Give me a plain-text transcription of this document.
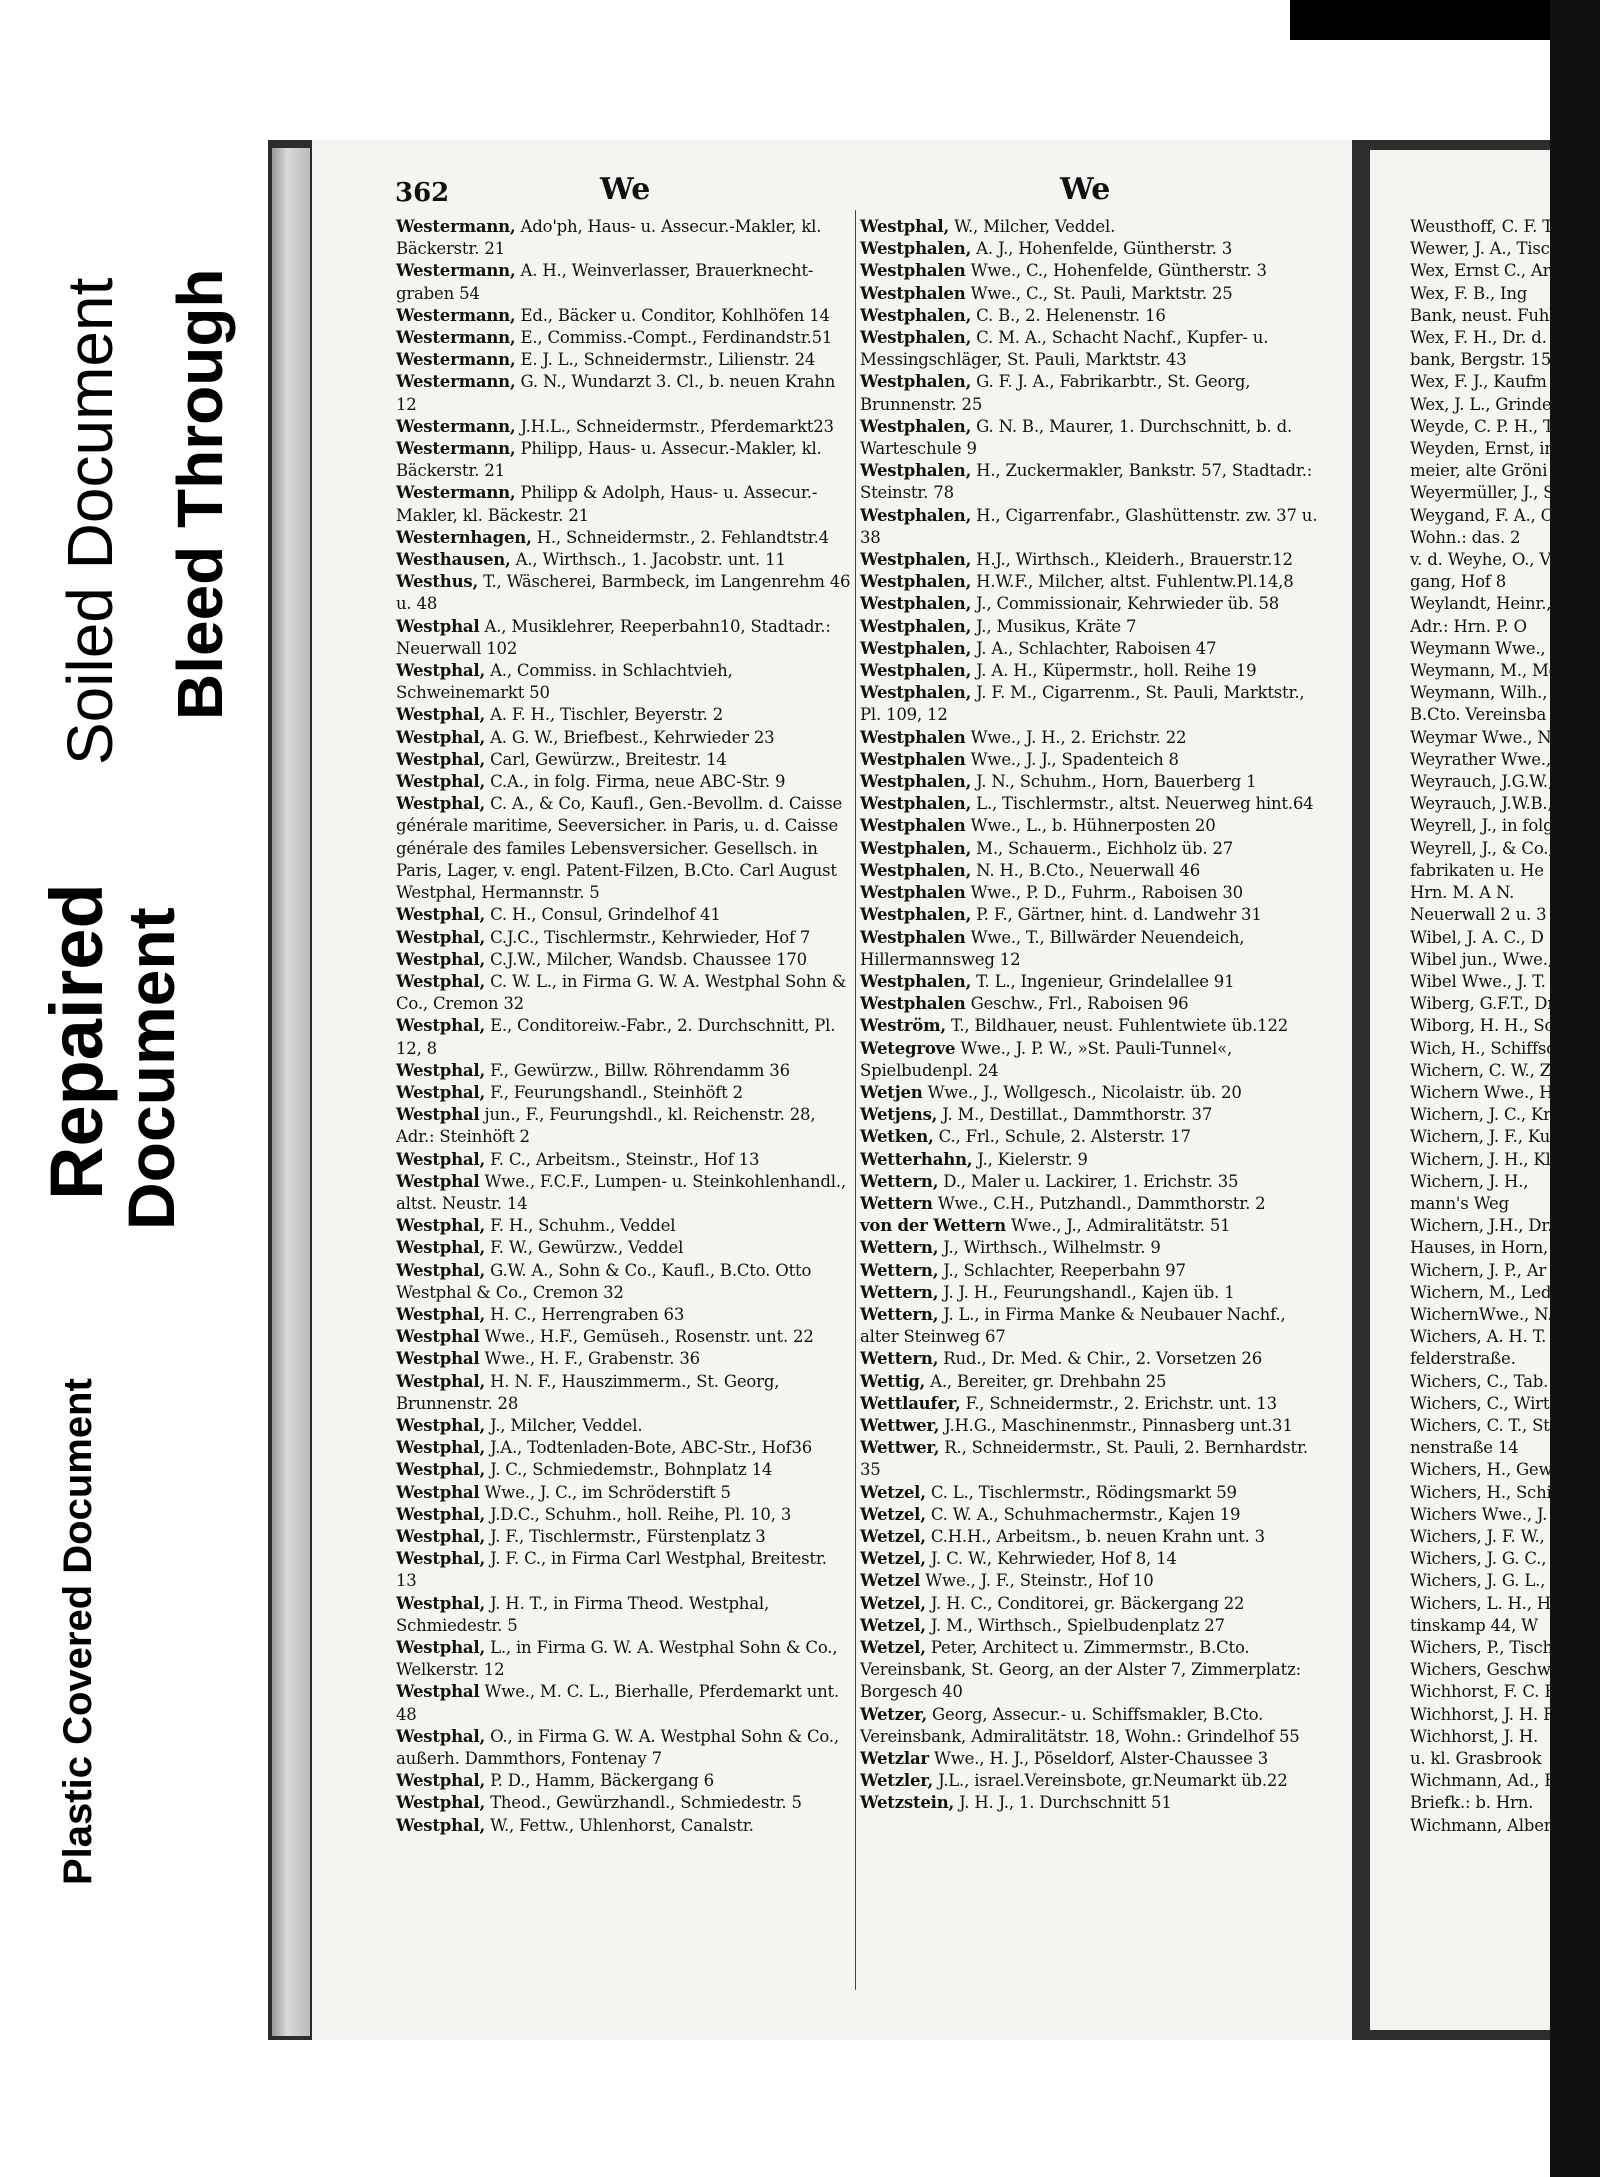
Soiled Document Bleed Through
Repaired
Document
Plastic Covered Document
362	We	We	W
Westermann, Ado'ph, Haus- u. Assecur.-Makler, kl. Bäckerstr. 21
Westermann, A. H., Weinverlasser, Brauerknecht-graben 54
Westermann, Ed., Bäcker u. Conditor, Kohlhöfen 14
Westermann, E., Commiss.-Compt., Ferdinandstr.51
Westermann, E. J. L., Schneidermstr., Lilienstr. 24
Westermann, G. N., Wundarzt 3. Cl., b. neuen Krahn 12
Westermann, J.H.L., Schneidermstr., Pferdemarkt23
Westermann, Philipp, Haus- u. Assecur.-Makler, kl. Bäckerstr. 21
Westermann, Philipp & Adolph, Haus- u. Assecur.-Makler, kl. Bäckestr. 21
Westernhagen, H., Schneidermstr., 2. Fehlandtstr.4
Westhausen, A., Wirthsch., 1. Jacobstr. unt. 11
Westhus, T., Wäscherei, Barmbeck, im Langenrehm 46 u. 48
Westphal A., Musiklehrer, Reeperbahn10, Stadtadr.: Neuerwall 102
Westphal, A., Commiss. in Schlachtvieh, Schweinemarkt 50
Westphal, A. F. H., Tischler, Beyerstr. 2
Westphal, A. G. W., Briefbest., Kehrwieder 23
Westphal, Carl, Gewürzw., Breitestr. 14
Westphal, C.A., in folg. Firma, neue ABC-Str. 9
Westphal, C. A., & Co, Kaufl., Gen.-Bevollm. d. Caisse générale maritime, Seeversicher. in Paris, u. d. Caisse générale des familes Lebensversicher. Gesellsch. in Paris, Lager, v. engl. Patent-Filzen, B.Cto. Carl August Westphal, Hermannstr. 5
Westphal, C. H., Consul, Grindelhof 41
Westphal, C.J.C., Tischlermstr., Kehrwieder, Hof 7
Westphal, C.J.W., Milcher, Wandsb. Chaussee 170
Westphal, C. W. L., in Firma G. W. A. Westphal Sohn & Co., Cremon 32
Westphal, E., Conditoreiw.-Fabr., 2. Durchschnitt, Pl. 12, 8
Westphal, F., Gewürzw., Billw. Röhrendamm 36
Westphal, F., Feurungshandl., Steinhöft 2
Westphal jun., F., Feurungshdl., kl. Reichenstr. 28, Adr.: Steinhöft 2
Westphal, F. C., Arbeitsm., Steinstr., Hof 13
Westphal Wwe., F.C.F., Lumpen- u. Steinkohlenhandl., altst. Neustr. 14
Westphal, F. H., Schuhm., Veddel
Westphal, F. W., Gewürzw., Veddel
Westphal, G.W. A., Sohn & Co., Kaufl., B.Cto. Otto Westphal & Co., Cremon 32
Westphal, H. C., Herrengraben 63
Westphal Wwe., H.F., Gemüseh., Rosenstr. unt. 22
Westphal Wwe., H. F., Grabenstr. 36
Westphal, H. N. F., Hauszimmerm., St. Georg, Brunnenstr. 28
Westphal, J., Milcher, Veddel.
Westphal, J.A., Todtenladen-Bote, ABC-Str., Hof36
Westphal, J. C., Schmiedemstr., Bohnplatz 14
Westphal Wwe., J. C., im Schröderstift 5
Westphal, J.D.C., Schuhm., holl. Reihe, Pl. 10, 3
Westphal, J. F., Tischlermstr., Fürstenplatz 3
Westphal, J. F. C., in Firma Carl Westphal, Breitestr. 13
Westphal, J. H. T., in Firma Theod. Westphal, Schmiedestr. 5
Westphal, L., in Firma G. W. A. Westphal Sohn & Co., Welkerstr. 12
Westphal Wwe., M. C. L., Bierhalle, Pferdemarkt unt. 48
Westphal, O., in Firma G. W. A. Westphal Sohn & Co., außerh. Dammthors, Fontenay 7
Westphal, P. D., Hamm, Bäckergang 6
Westphal, Theod., Gewürzhandl., Schmiedestr. 5
Westphal, W., Fettw., Uhlenhorst, Canalstr.
Westphal, W., Milcher, Veddel.
Westphalen, A. J., Hohenfelde, Güntherstr. 3
Westphalen Wwe., C., Hohenfelde, Güntherstr. 3
Westphalen Wwe., C., St. Pauli, Marktstr. 25
Westphalen, C. B., 2. Helenenstr. 16
Westphalen, C. M. A., Schacht Nachf., Kupfer- u. Messingschläger, St. Pauli, Marktstr. 43
Westphalen, G. F. J. A., Fabrikarbtr., St. Georg, Brunnenstr. 25
Westphalen, G. N. B., Maurer, 1. Durchschnitt, b. d. Warteschule 9
Westphalen, H., Zuckermakler, Bankstr. 57, Stadtadr.: Steinstr. 78
Westphalen, H., Cigarrenfabr., Glashüttenstr. zw. 37 u. 38
Westphalen, H.J., Wirthsch., Kleiderh., Brauerstr.12
Westphalen, H.W.F., Milcher, altst. Fuhlentw.Pl.14,8
Westphalen, J., Commissionair, Kehrwieder üb. 58
Westphalen, J., Musikus, Kräte 7
Westphalen, J. A., Schlachter, Raboisen 47
Westphalen, J. A. H., Küpermstr., holl. Reihe 19
Westphalen, J. F. M., Cigarrenm., St. Pauli, Marktstr., Pl. 109, 12
Westphalen Wwe., J. H., 2. Erichstr. 22
Westphalen Wwe., J. J., Spadenteich 8
Westphalen, J. N., Schuhm., Horn, Bauerberg 1
Westphalen, L., Tischlermstr., altst. Neuerweg hint.64
Westphalen Wwe., L., b. Hühnerposten 20
Westphalen, M., Schauerm., Eichholz üb. 27
Westphalen, N. H., B.Cto., Neuerwall 46
Westphalen Wwe., P. D., Fuhrm., Raboisen 30
Westphalen, P. F., Gärtner, hint. d. Landwehr 31
Westphalen Wwe., T., Billwärder Neuendeich, Hillermannsweg 12
Westphalen, T. L., Ingenieur, Grindelallee 91
Westphalen Geschw., Frl., Raboisen 96
Weström, T., Bildhauer, neust. Fuhlentwiete üb.122
Wetegrove Wwe., J. P. W., »St. Pauli-Tunnel«, Spielbudenpl. 24
Wetjen Wwe., J., Wollgesch., Nicolaistr. üb. 20
Wetjens, J. M., Destillat., Dammthorstr. 37
Wetken, C., Frl., Schule, 2. Alsterstr. 17
Wetterhahn, J., Kielerstr. 9
Wettern, D., Maler u. Lackirer, 1. Erichstr. 35
Wettern Wwe., C.H., Putzhandl., Dammthorstr. 2
von der Wettern Wwe., J., Admiralitätstr. 51
Wettern, J., Wirthsch., Wilhelmstr. 9
Wettern, J., Schlachter, Reeperbahn 97
Wettern, J. J. H., Feurungshandl., Kajen üb. 1
Wettern, J. L., in Firma Manke & Neubauer Nachf., alter Steinweg 67
Wettern, Rud., Dr. Med. & Chir., 2. Vorsetzen 26
Wettig, A., Bereiter, gr. Drehbahn 25
Wettlaufer, F., Schneidermstr., 2. Erichstr. unt. 13
Wettwer, J.H.G., Maschinenmstr., Pinnasberg unt.31
Wettwer, R., Schneidermstr., St. Pauli, 2. Bernhardstr. 35
Wetzel, C. L., Tischlermstr., Rödingsmarkt 59
Wetzel, C. W. A., Schuhmachermstr., Kajen 19
Wetzel, C.H.H., Arbeitsm., b. neuen Krahn unt. 3
Wetzel, J. C. W., Kehrwieder, Hof 8, 14
Wetzel Wwe., J. F., Steinstr., Hof 10
Wetzel, J. H. C., Conditorei, gr. Bäckergang 22
Wetzel, J. M., Wirthsch., Spielbudenplatz 27
Wetzel, Peter, Architect u. Zimmermstr., B.Cto. Vereinsbank, St. Georg, an der Alster 7, Zimmerplatz: Borgesch 40
Wetzer, Georg, Assecur.- u. Schiffsmakler, B.Cto. Vereinsbank, Admiralitätstr. 18, Wohn.: Grindelhof 55
Wetzlar Wwe., H. J., Pöseldorf, Alster-Chaussee 3
Wetzler, J.L., israel.Vereinsbote, gr.Neumarkt üb.22
Wetzstein, J. H. J., 1. Durchschnitt 51
Weusthoff, C. F. T. C
Wewer, J. A., Tisch
Wex, Ernst C., Arch
Wex, F. B., Ing
Bank, neust. Fuhl
Wex, F. H., Dr. d.
bank, Bergstr. 15
Wex, F. J., Kaufm
Wex, J. L., Grinde
Weyde, C. P. H., T
Weyden, Ernst, in
meier, alte Gröni
Weyermüller, J., S
Weygand, F. A., C
Wohn.: das. 2
v. d. Weyhe, O., Vo
gang, Hof 8
Weylandt, Heinr.,
Adr.: Hrn. P. O
Weymann Wwe., T
Weymann, M., Mc
Weymann, Wilh.,
B.Cto. Vereinsba
Weymar Wwe., N.
Weyrather Wwe., T
Weyrauch, J.G.W.,
Weyrauch, J.W.B.,
Weyrell, J., in folg
Weyrell, J., & Co.,
fabrikaten u. He
Hrn. M. A N.
Neuerwall 2 u. 3
Wibel, J. A. C., D
Wibel jun., Wwe.,
Wibel Wwe., J. T.
Wiberg, G.F.T., Dr
Wiborg, H. H., Sc
Wich, H., Schiffsca
Wichern, C. W., Zi
Wichern Wwe., H.
Wichern, J. C., Kri
Wichern, J. F., Ku
Wichern, J. H., Kl
Wichern, J. H.,
mann's Weg
Wichern, J.H., Dr.
Hauses, in Horn,
Wichern, J. P., Ar
Wichern, M., Leder
WichernWwe., N.F.
Wichers, A. H. T.
felderstraße.
Wichers, C., Tab. u
Wichers, C., Wirth
Wichers, C. T., Ste
nenstraße 14
Wichers, H., Gewür
Wichers, H., Schiffs
Wichers Wwe., J.
Wichers, J. F. W.,
Wichers, J. G. C.,
Wichers, J. G. L.,
Wichers, L. H., H
tinskamp 44, W
Wichers, P., Tischl
Wichers, Geschw.,
Wichhorst, F. C. H
Wichhorst, J. H. F
Wichhorst, J. H.
u. kl. Grasbrook
Wichmann, Ad., B.
Briefk.: b. Hrn.
Wichmann, Albert,
